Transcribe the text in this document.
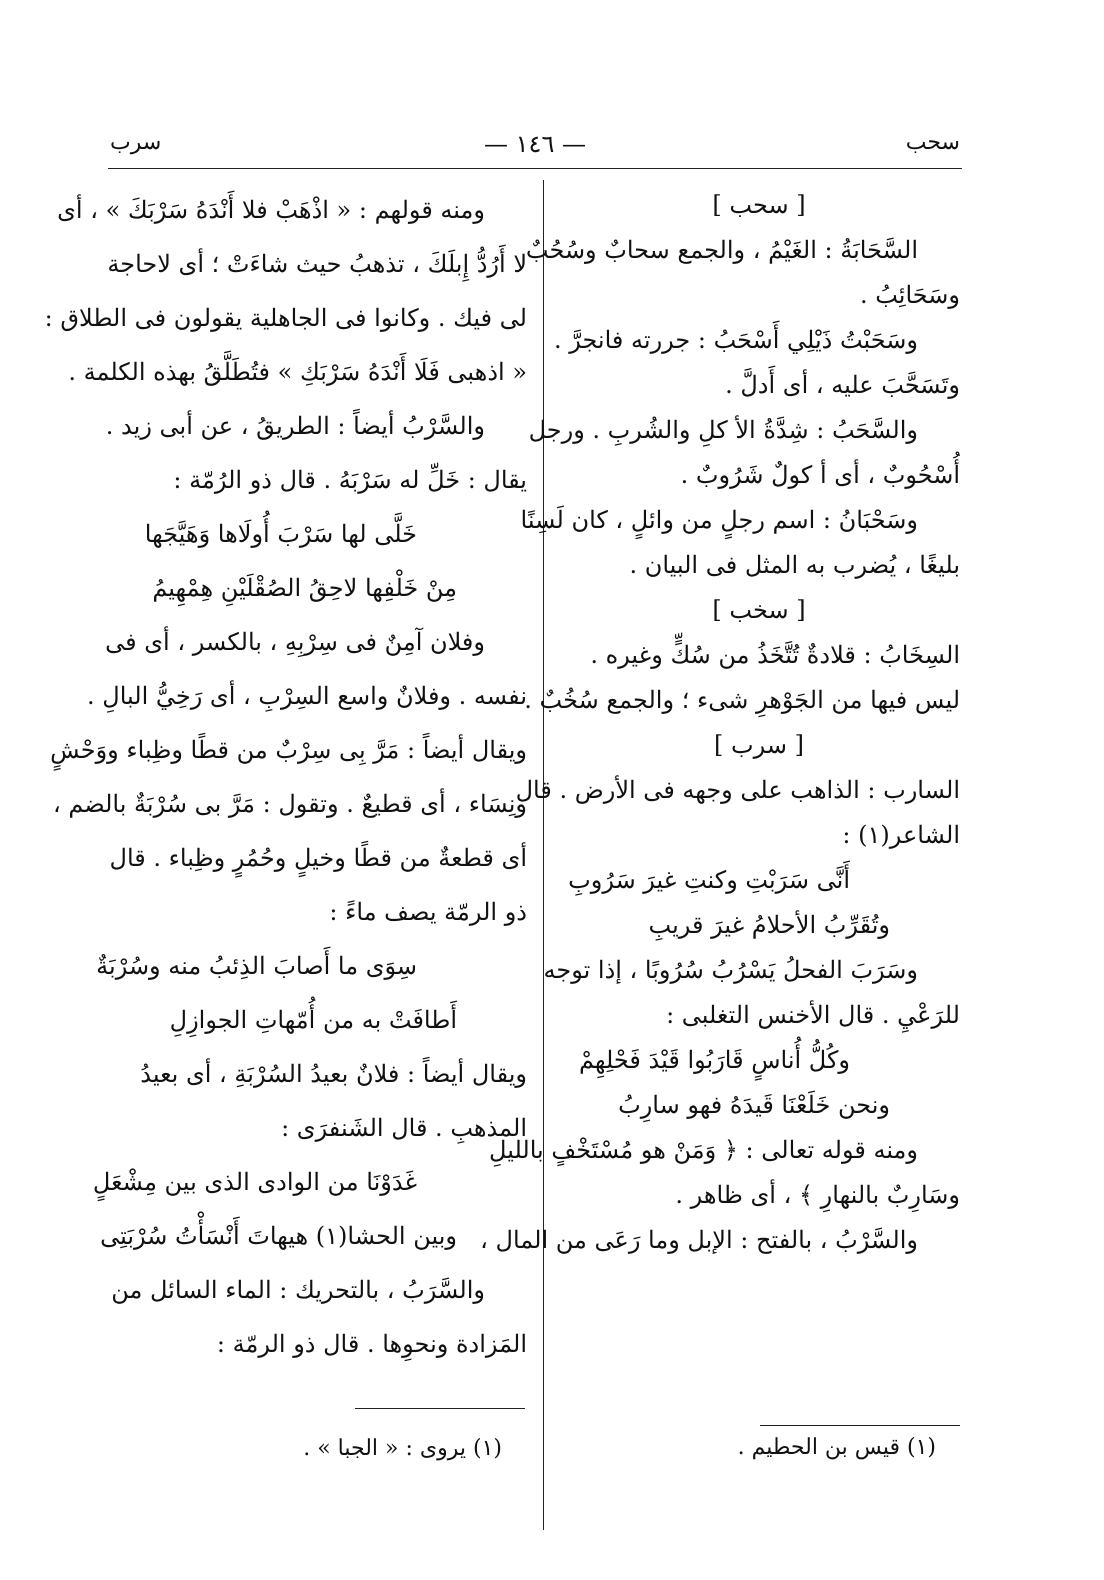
سحب
— ١٤٦ —
سرب
[ سحب ]
السَّحَابَةُ : الغَيْمُ ، والجمع سحابٌ وسُحُبٌ
وسَحَائِبُ .
وسَحَبْتُ ذَيْلِي أَسْحَبُ : جررته فانجرَّ .
وتَسَحَّبَ عليه ، أى أَدلَّ .
والسَّحَبُ : شِدَّةُ الأ كلِ والشُربِ . ورجل
أُسْحُوبٌ ، أى أ كولٌ شَرُوبٌ .
وسَحْبَانُ : اسم رجلٍ من وائلٍ ، كان لَسِنًا
بليغًا ، يُضرب به المثل فى البيان .
[ سخب ]
السِخَابُ : قلادةٌ تُتَّخَذُ من سُكٍّ وغيره .
ليس فيها من الجَوْهرِ شىء ؛ والجمع سُخُبٌ .
[ سرب ]
السارب : الذاهب على وجهه فى الأرض . قال
الشاعر(١) :
أَنَّى سَرَبْتِ وكنتِ غيرَ سَرُوبِ
وتُقَرِّبُ الأحلامُ غيرَ قريبِ
وسَرَبَ الفحلُ يَسْرُبُ سُرُوبًا ، إذا توجه
للرَعْيِ . قال الأخنس التغلبى :
وكُلُّ أُناسٍ قَارَبُوا قَيْدَ فَحْلِهِمْ
ونحن خَلَعْنَا قَيدَهُ فهو سارِبُ
ومنه قوله تعالى : ﴿ وَمَنْ هو مُسْتَخْفٍ بالليلِ
وسَارِبٌ بالنهارِ ﴾ ، أى ظاهر .
والسَّرْبُ ، بالفتح : الإبل وما رَعَى من المال ،
ومنه قولهم : « اذْهَبْ فلا أَنْدَهُ سَرْبَكَ » ، أى
لا أَرُدُّ إِبلَكَ ، تذهبُ حيث شاءَتْ ؛ أى لاحاجة
لى فيك . وكانوا فى الجاهلية يقولون فى الطلاق :
« اذهبى فَلَا أَنْدَهُ سَرْبَكِ » فتُطَلَّقُ بهذه الكلمة .
والسَّرْبُ أيضاً : الطريقُ ، عن أبى زيد .
يقال : خَلِّ له سَرْبَهُ . قال ذو الرُمّة :
خَلَّى لها سَرْبَ أُولَاها وَهَيَّجَها
مِنْ خَلْفِها لاحِقُ الصُقْلَيْنِ هِمْهِيمُ
وفلان آمِنٌ فى سِرْبِهِ ، بالكسر ، أى فى
نفسه . وفلانٌ واسع السِرْبِ ، أى رَخِيُّ البالِ .
ويقال أيضاً : مَرَّ بِى سِرْبٌ من قطًا وظِباء ووَحْشٍ
ونِسَاء ، أى قطيعٌ . وتقول : مَرَّ بى سُرْبَةٌ بالضم ،
أى قطعةٌ من قطًا وخيلٍ وحُمُرٍ وظِباء . قال
ذو الرمّة يصف ماءً :
سِوَى ما أَصابَ الذِئبُ منه وسُرْبَةٌ
أَطافَتْ به من أُمّهاتِ الجوازِلِ
ويقال أيضاً : فلانٌ بعيدُ السُرْبَةِ ، أى بعيدُ
المذهبِ . قال الشَنفرَى :
غَدَوْنَا من الوادى الذى بين مِشْعَلٍ
وبين الحشا(١) هيهاتَ أَنْسَأْتُ سُرْبَتِى
والسَّرَبُ ، بالتحريك : الماء السائل من
المَزادة ونحوِها . قال ذو الرمّة :
(١) قيس بن الحطيم .
(١) يروى : « الجبا » .
